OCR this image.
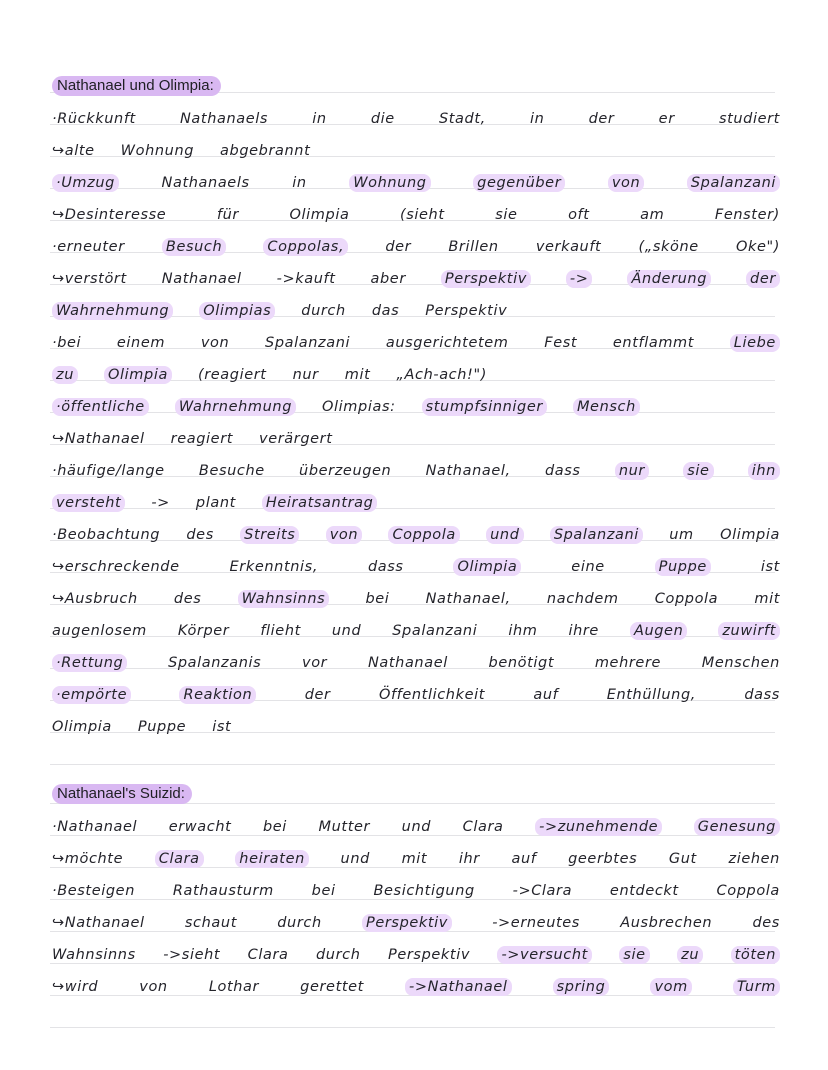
Nathanael und Olimpia:
·Rückkunft	Nathanaels	in	die	Stadt,	in	der	er	studiert
↪alte Wohnung abgebrannt
·Umzug	Nathanaels	in	Wohnung	gegenüber	von	Spalanzani
↪Desinteresse	für	Olimpia	(sieht	sie	oft	am	Fenster)
·erneuter	Besuch	Coppolas,	der	Brillen	verkauft	(„sköne	Oke")
↪verstört Nathanael ->kauft aber	Perspektiv	->	Änderung	der
Wahrnehmung Olimpias durch das Perspektiv
·bei einem von Spalanzani ausgerichtetem Fest entflammt	Liebe
zu Olimpia (reagiert nur mit „Ach-ach!")
·öffentliche Wahrnehmung Olimpias: stumpfsinniger Mensch
↪Nathanael reagiert verärgert
·häufige/lange Besuche überzeugen Nathanael, dass	nur	sie	ihn
versteht -> plant Heiratsantrag
·Beobachtung des Streits von Coppola und Spalanzani um Olimpia
↪erschreckende	Erkenntnis,	dass	Olimpia	eine	Puppe	ist
↪Ausbruch des	Wahnsinns	bei Nathanael, nachdem Coppola mit
augenlosem Körper flieht und Spalanzani ihm ihre Augen	zuwirft
·Rettung	Spalanzanis	vor	Nathanael	benötigt	mehrere	Menschen
·empörte	Reaktion	der	Öffentlichkeit	auf	Enthüllung,	dass
Olimpia Puppe ist
Nathanael's Suizid:
·Nathanael erwacht bei Mutter und Clara ->zunehmende	Genesung
↪möchte Clara	heiraten und mit ihr auf geerbtes Gut ziehen
·Besteigen	Rathausturm	bei	Besichtigung	->Clara	entdeckt	Coppola
↪Nathanael	schaut	durch	Perspektiv	->erneutes	Ausbrechen	des
Wahnsinns ->sieht Clara durch Perspektiv ->versucht sie zu töten
↪wird	von	Lothar	gerettet	->Nathanael	spring	vom	Turm
